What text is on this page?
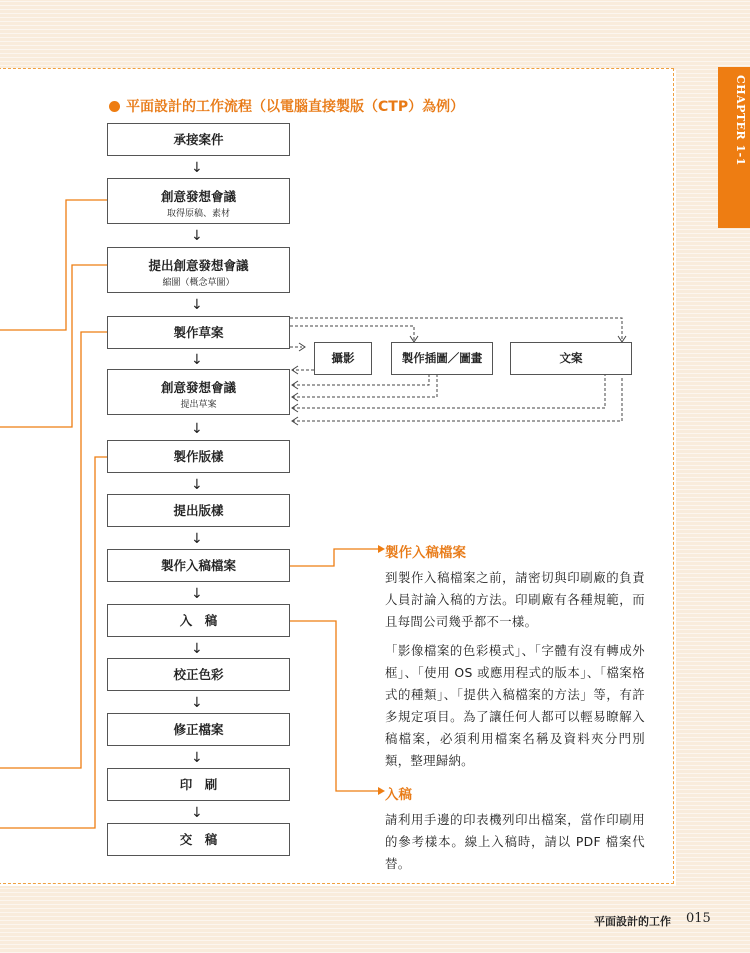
CHAPTER 1-1
平面設計的工作流程（以電腦直接製版（CTP）為例）
承接案件
創意發想會議
取得原稿、素材
提出創意發想會議
縮圖（概念草圖）
製作草案
創意發想會議
提出草案
製作版樣
提出版樣
製作入稿檔案
入　稿
校正色彩
修正檔案
印　刷
交　稿
↓
↓
↓
↓
↓
↓
↓
↓
↓
↓
↓
↓
攝影	製作插圖／圖畫	文案
製作入稿檔案

到製作入稿檔案之前，請密切與印刷廠的負責人員討論入稿的方法。印刷廠有各種規範，而且每間公司幾乎都不一樣。

「影像檔案的色彩模式」、「字體有沒有轉成外框」、「使用 OS 或應用程式的版本」、「檔案格式的種類」、「提供入稿檔案的方法」等，有許多規定項目。為了讓任何人都可以輕易瞭解入稿檔案，必須利用檔案名稱及資料夾分門別類，整理歸納。

入稿

請利用手邊的印表機列印出檔案，當作印刷用的參考樣本。線上入稿時，請以 PDF 檔案代替。

平面設計的工作 015
